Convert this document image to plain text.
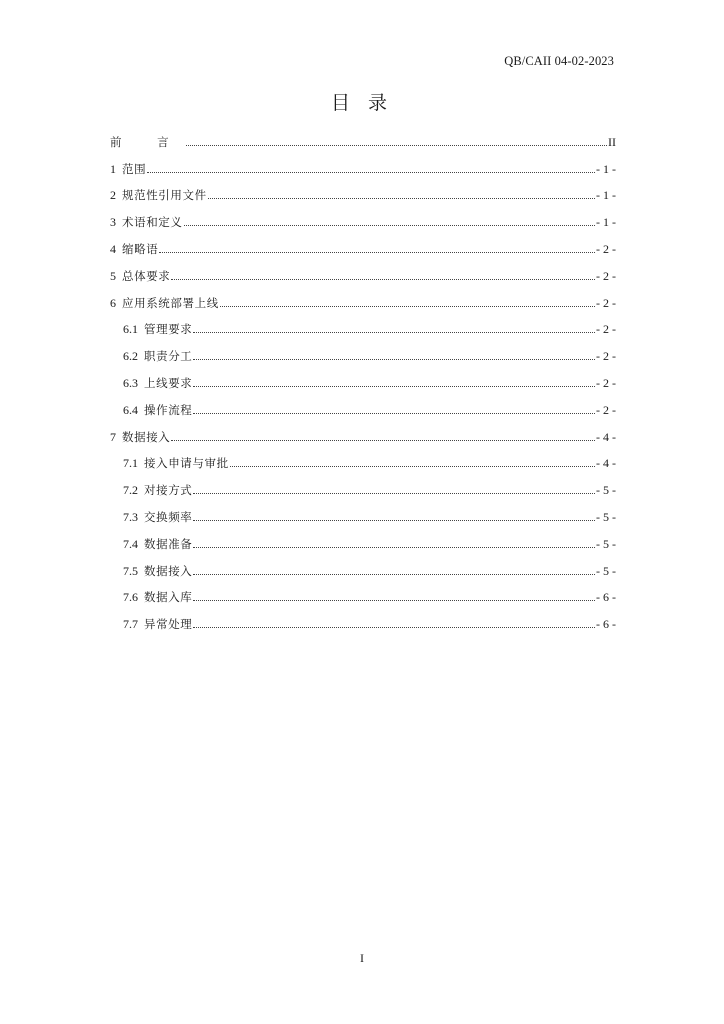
QB/CAII 04-02-2023
目 录
前 言	II
1 范围	- 1 -
2 规范性引用文件	- 1 -
3 术语和定义	- 1 -
4 缩略语	- 2 -
5 总体要求	- 2 -
6 应用系统部署上线	- 2 -
6.1 管理要求	- 2 -
6.2 职责分工	- 2 -
6.3 上线要求	- 2 -
6.4 操作流程	- 2 -
7 数据接入	- 4 -
7.1 接入申请与审批	- 4 -
7.2 对接方式	- 5 -
7.3 交换频率	- 5 -
7.4 数据准备	- 5 -
7.5 数据接入	- 5 -
7.6 数据入库	- 6 -
7.7 异常处理	- 6 -
I
